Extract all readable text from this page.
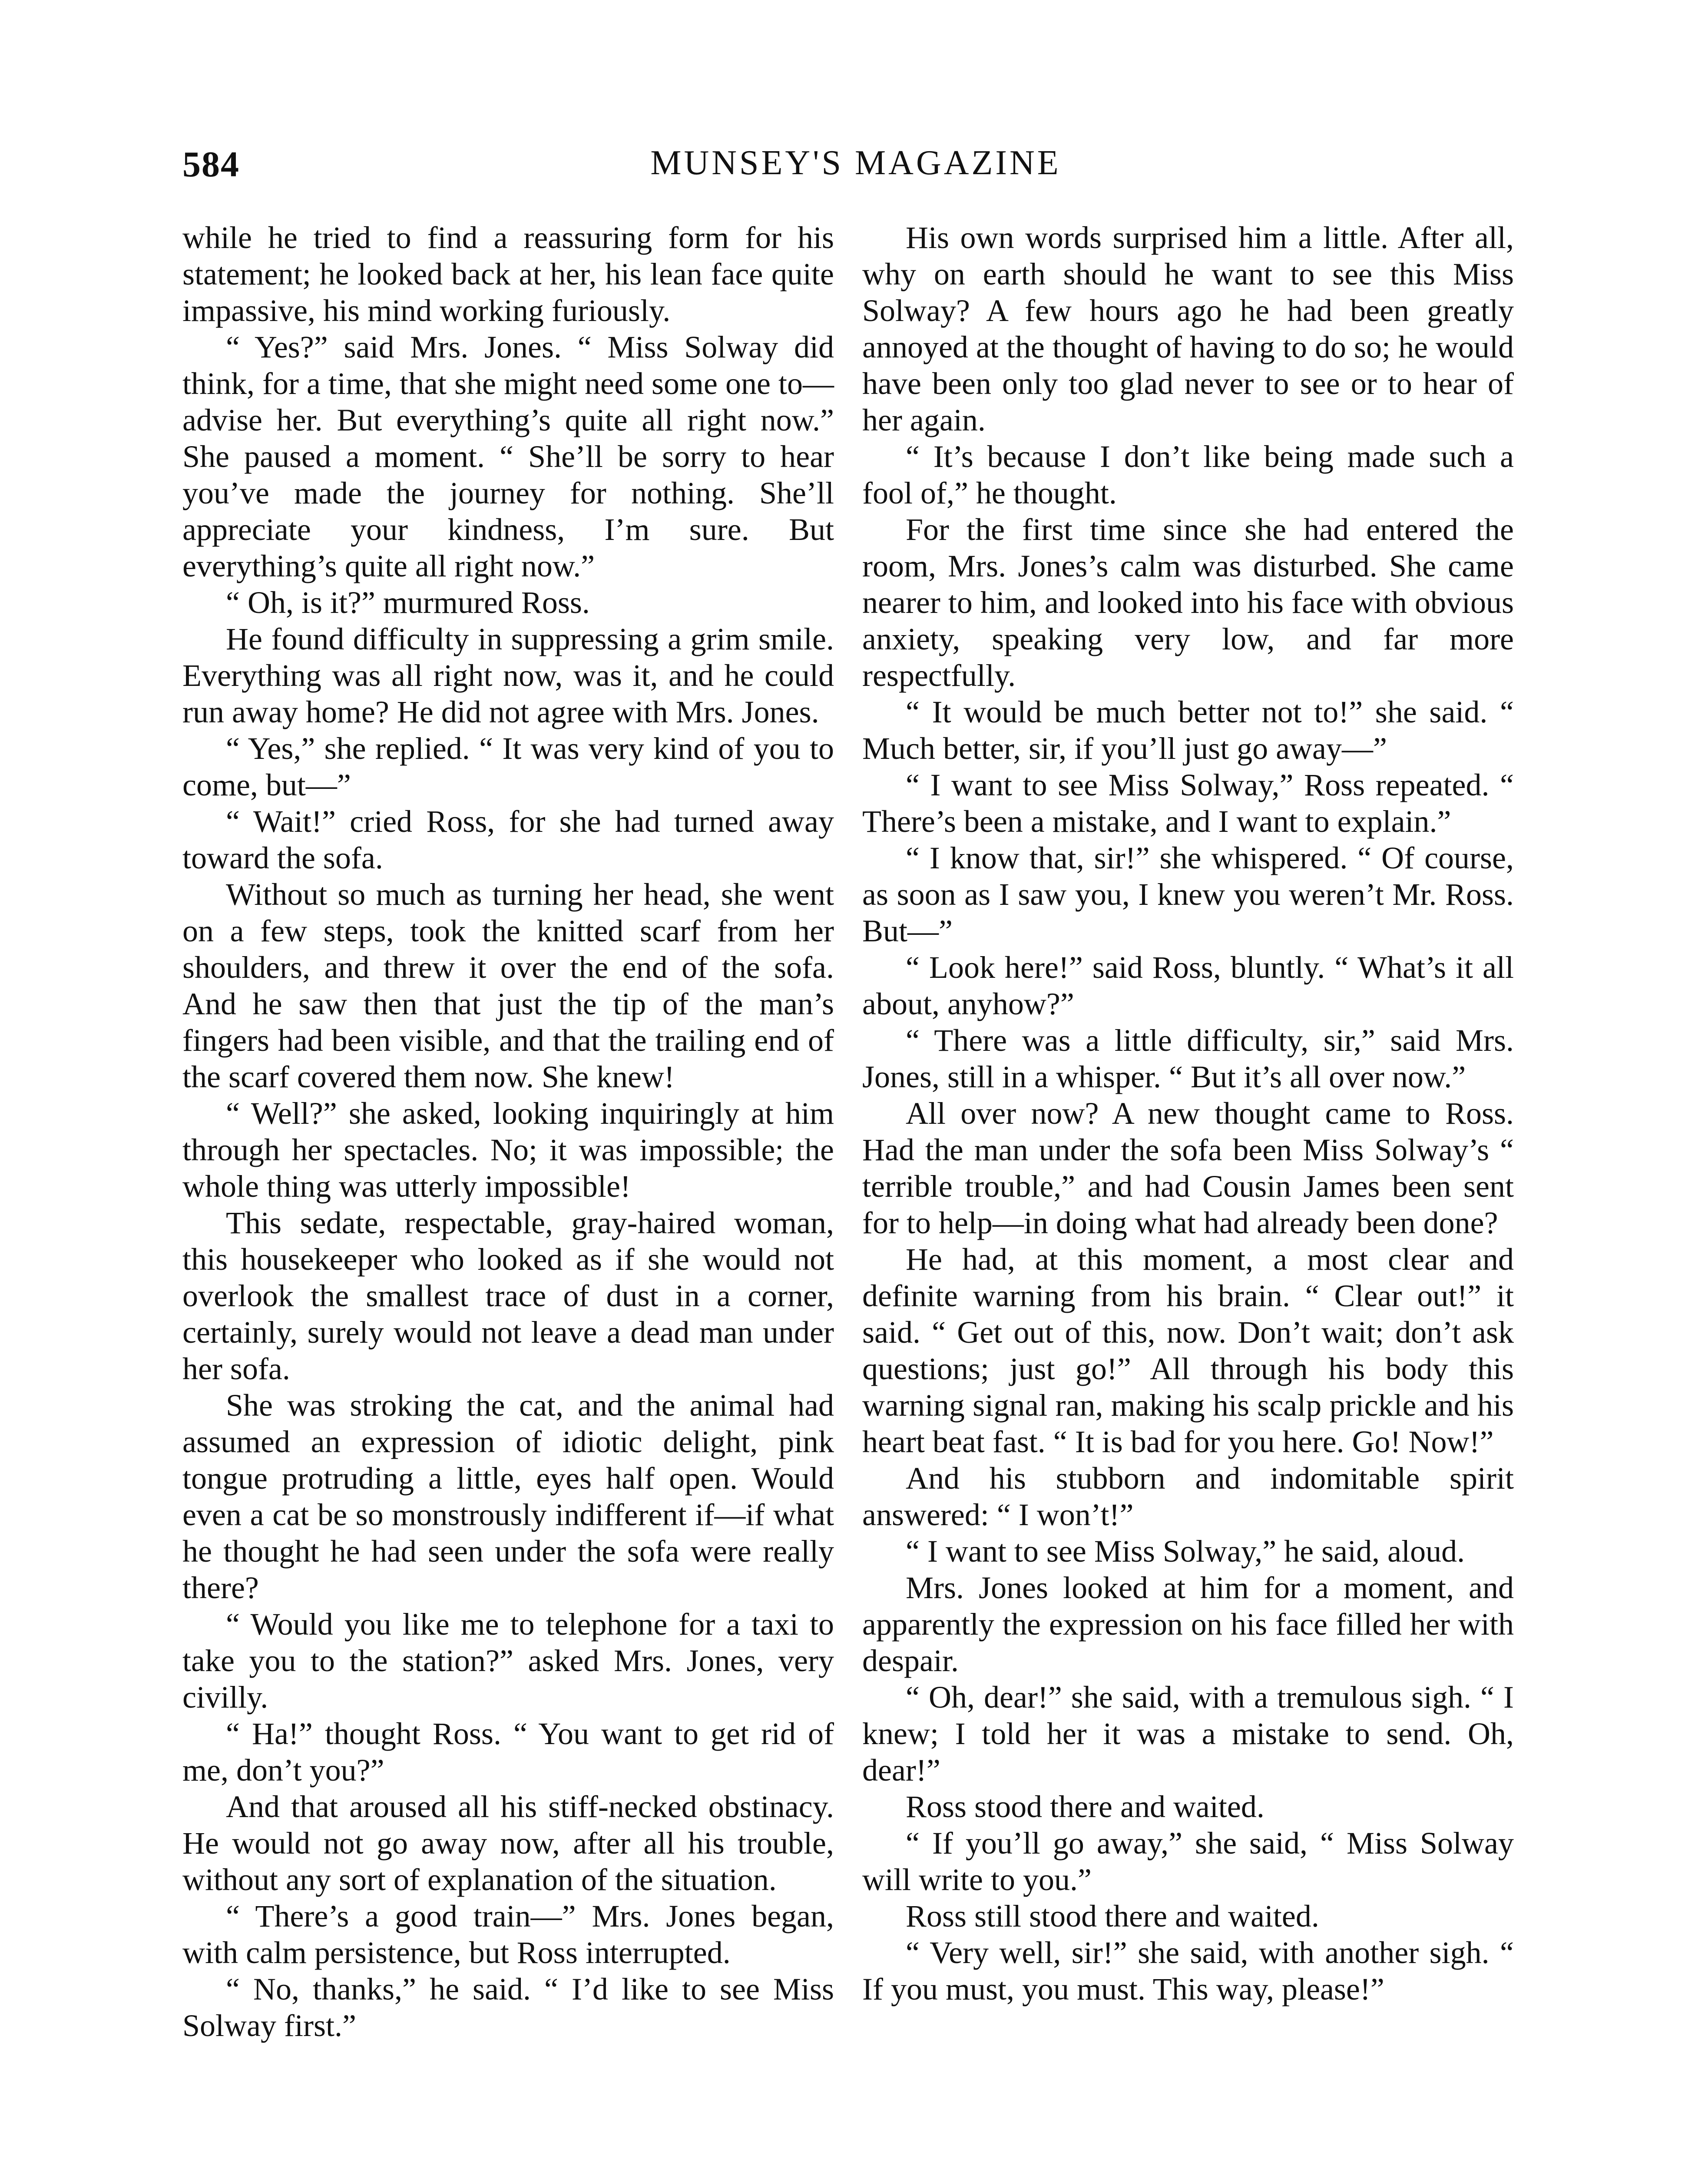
584	MUNSEY'S MAGAZINE

while he tried to find a reassuring form for his statement; he looked back at her, his lean face quite impassive, his mind working furiously.

“ Yes?” said Mrs. Jones. “ Miss Solway did think, for a time, that she might need some one to—advise her. But everything’s quite all right now.” She paused a moment. “ She’ll be sorry to hear you’ve made the journey for nothing. She’ll appreciate your kindness, I’m sure. But everything’s quite all right now.”

“ Oh, is it?” murmured Ross.

He found difficulty in suppressing a grim smile. Everything was all right now, was it, and he could run away home? He did not agree with Mrs. Jones.

“ Yes,” she replied. “ It was very kind of you to come, but—”

“ Wait!” cried Ross, for she had turned away toward the sofa.

Without so much as turning her head, she went on a few steps, took the knitted scarf from her shoulders, and threw it over the end of the sofa. And he saw then that just the tip of the man’s fingers had been visible, and that the trailing end of the scarf covered them now. She knew!

“ Well?” she asked, looking inquiringly at him through her spectacles. No; it was impossible; the whole thing was utterly impossible!

This sedate, respectable, gray-haired woman, this housekeeper who looked as if she would not overlook the smallest trace of dust in a corner, certainly, surely would not leave a dead man under her sofa.

She was stroking the cat, and the animal had assumed an expression of idiotic delight, pink tongue protruding a little, eyes half open. Would even a cat be so monstrously indifferent if—if what he thought he had seen under the sofa were really there?

“ Would you like me to telephone for a taxi to take you to the station?” asked Mrs. Jones, very civilly.

“ Ha!” thought Ross. “ You want to get rid of me, don’t you?”

And that aroused all his stiff-necked obstinacy. He would not go away now, after all his trouble, without any sort of explanation of the situation.

“ There’s a good train—” Mrs. Jones began, with calm persistence, but Ross interrupted.

“ No, thanks,” he said. “ I’d like to see Miss Solway first.”

His own words surprised him a little. After all, why on earth should he want to see this Miss Solway? A few hours ago he had been greatly annoyed at the thought of having to do so; he would have been only too glad never to see or to hear of her again.

“ It’s because I don’t like being made such a fool of,” he thought.

For the first time since she had entered the room, Mrs. Jones’s calm was disturbed. She came nearer to him, and looked into his face with obvious anxiety, speaking very low, and far more respectfully.

“ It would be much better not to!” she said. “ Much better, sir, if you’ll just go away—”

“ I want to see Miss Solway,” Ross repeated. “ There’s been a mistake, and I want to explain.”

“ I know that, sir!” she whispered. “ Of course, as soon as I saw you, I knew you weren’t Mr. Ross. But—”

“ Look here!” said Ross, bluntly. “ What’s it all about, anyhow?”

“ There was a little difficulty, sir,” said Mrs. Jones, still in a whisper. “ But it’s all over now.”

All over now? A new thought came to Ross. Had the man under the sofa been Miss Solway’s “ terrible trouble,” and had Cousin James been sent for to help—in doing what had already been done?

He had, at this moment, a most clear and definite warning from his brain. “ Clear out!” it said. “ Get out of this, now. Don’t wait; don’t ask questions; just go!” All through his body this warning signal ran, making his scalp prickle and his heart beat fast. “ It is bad for you here. Go! Now!”

And his stubborn and indomitable spirit answered: “ I won’t!”

“ I want to see Miss Solway,” he said, aloud.

Mrs. Jones looked at him for a moment, and apparently the expression on his face filled her with despair.

“ Oh, dear!” she said, with a tremulous sigh. “ I knew; I told her it was a mistake to send. Oh, dear!”

Ross stood there and waited.

“ If you’ll go away,” she said, “ Miss Solway will write to you.”

Ross still stood there and waited.

“ Very well, sir!” she said, with another sigh. “ If you must, you must. This way, please!”
